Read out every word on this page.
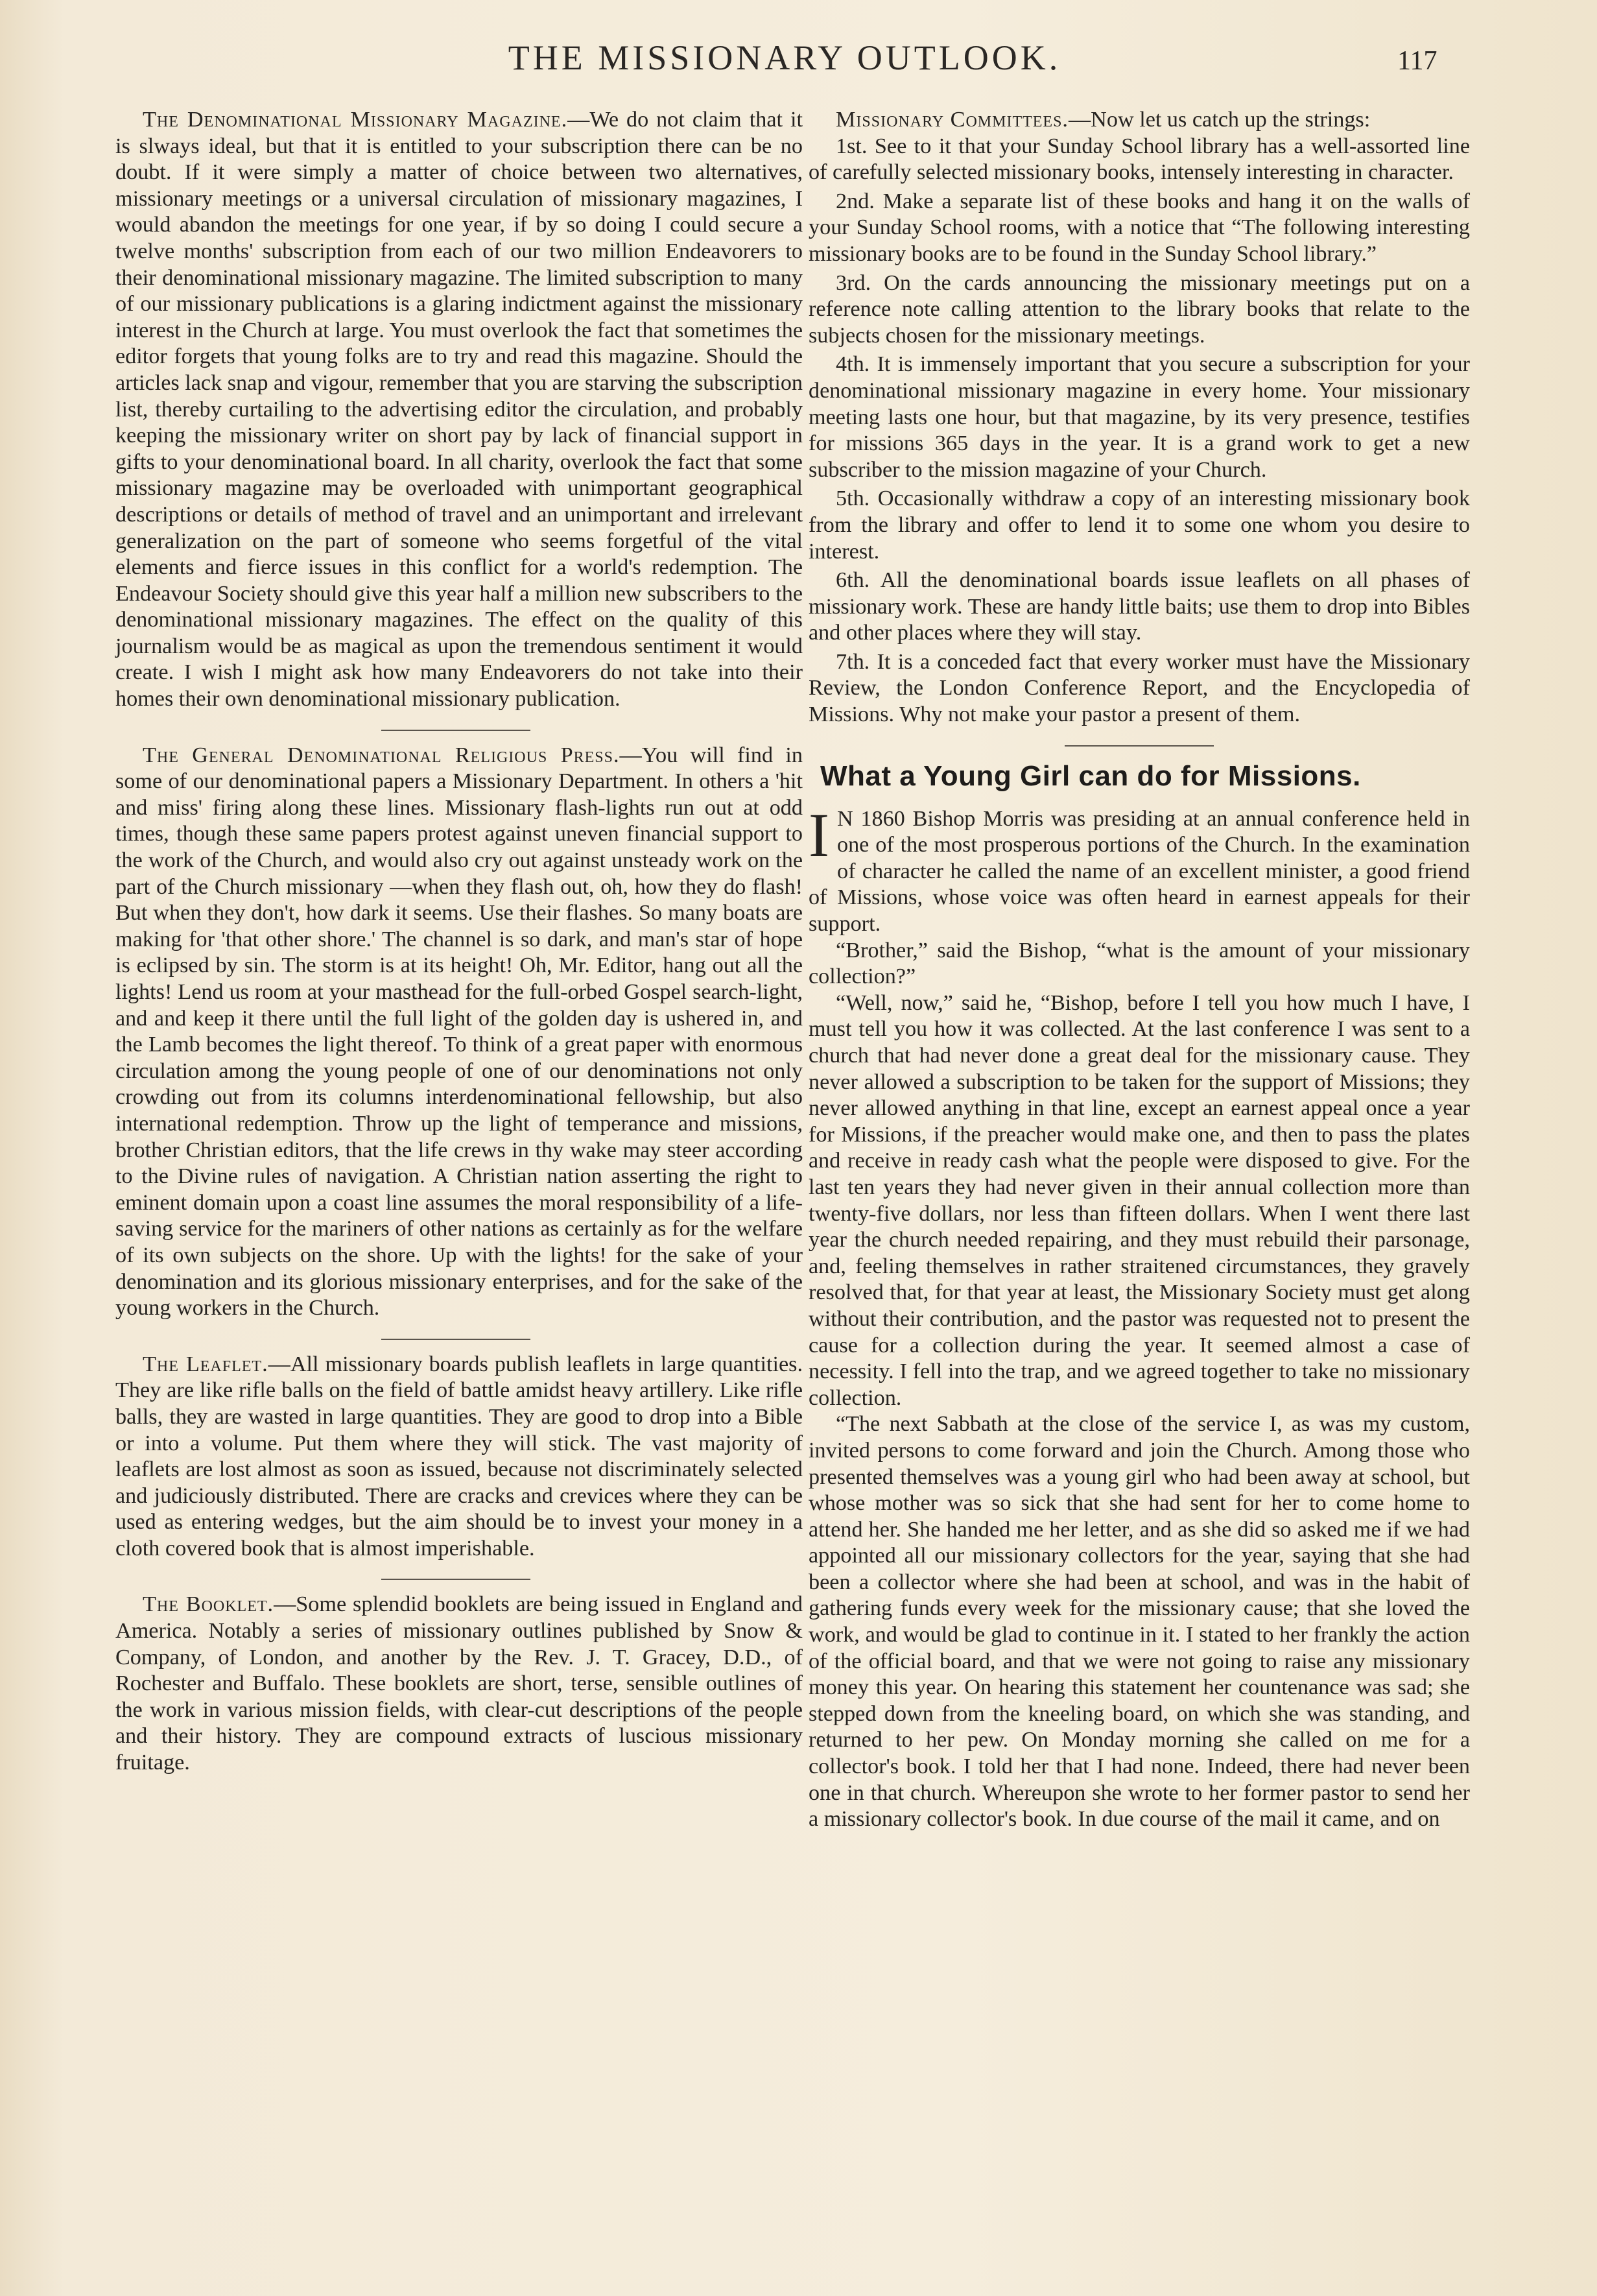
THE MISSIONARY OUTLOOK.	117

The Denominational Missionary Magazine.—We do not claim that it is slways ideal, but that it is entitled to your subscription there can be no doubt. If it were simply a matter of choice between two alternatives, missionary meetings or a universal circulation of missionary magazines, I would abandon the meetings for one year, if by so doing I could secure a twelve months' subscription from each of our two million Endeavorers to their denominational missionary magazine. The limited subscription to many of our missionary publications is a glaring indictment against the missionary interest in the Church at large. You must overlook the fact that sometimes the editor forgets that young folks are to try and read this magazine. Should the articles lack snap and vigour, remember that you are starving the subscription list, thereby curtailing to the advertising editor the circulation, and probably keeping the missionary writer on short pay by lack of financial support in gifts to your denominational board. In all charity, overlook the fact that some missionary magazine may be overloaded with unimportant geographical descriptions or details of method of travel and an unimportant and irrelevant generalization on the part of someone who seems forgetful of the vital elements and fierce issues in this conflict for a world's redemption. The Endeavour Society should give this year half a million new subscribers to the denominational missionary magazines. The effect on the quality of this journalism would be as magical as upon the tremendous sentiment it would create. I wish I might ask how many Endeavorers do not take into their homes their own denominational missionary publication.

The General Denominational Religious Press.—You will find in some of our denominational papers a Missionary Department. In others a 'hit and miss' firing along these lines. Missionary flash-lights run out at odd times, though these same papers protest against uneven financial support to the work of the Church, and would also cry out against unsteady work on the part of the Church missionary —when they flash out, oh, how they do flash! But when they don't, how dark it seems. Use their flashes. So many boats are making for 'that other shore.' The channel is so dark, and man's star of hope is eclipsed by sin. The storm is at its height! Oh, Mr. Editor, hang out all the lights! Lend us room at your masthead for the full-orbed Gospel search-light, and and keep it there until the full light of the golden day is ushered in, and the Lamb becomes the light thereof. To think of a great paper with enormous circulation among the young people of one of our denominations not only crowding out from its columns interdenominational fellowship, but also international redemption. Throw up the light of temperance and missions, brother Christian editors, that the life crews in thy wake may steer according to the Divine rules of navigation. A Christian nation asserting the right to eminent domain upon a coast line assumes the moral responsibility of a life-saving service for the mariners of other nations as certainly as for the welfare of its own subjects on the shore. Up with the lights! for the sake of your denomination and its glorious missionary enterprises, and for the sake of the young workers in the Church.

The Leaflet.—All missionary boards publish leaflets in large quantities. They are like rifle balls on the field of battle amidst heavy artillery. Like rifle balls, they are wasted in large quantities. They are good to drop into a Bible or into a volume. Put them where they will stick. The vast majority of leaflets are lost almost as soon as issued, because not discriminately selected and judiciously distributed. There are cracks and crevices where they can be used as entering wedges, but the aim should be to invest your money in a cloth covered book that is almost imperishable.

The Booklet.—Some splendid booklets are being issued in England and America. Notably a series of missionary outlines published by Snow & Company, of London, and another by the Rev. J. T. Gracey, D.D., of Rochester and Buffalo. These booklets are short, terse, sensible outlines of the work in various mission fields, with clear-cut descriptions of the people and their history. They are compound extracts of luscious missionary fruitage.

Missionary Committees.—Now let us catch up the strings:

1st. See to it that your Sunday School library has a well-assorted line of carefully selected missionary books, intensely interesting in character.

2nd. Make a separate list of these books and hang it on the walls of your Sunday School rooms, with a notice that “The following interesting missionary books are to be found in the Sunday School library.”

3rd. On the cards announcing the missionary meetings put on a reference note calling attention to the library books that relate to the subjects chosen for the missionary meetings.

4th. It is immensely important that you secure a subscription for your denominational missionary magazine in every home. Your missionary meeting lasts one hour, but that magazine, by its very presence, testifies for missions 365 days in the year. It is a grand work to get a new subscriber to the mission magazine of your Church.

5th. Occasionally withdraw a copy of an interesting missionary book from the library and offer to lend it to some one whom you desire to interest.

6th. All the denominational boards issue leaflets on all phases of missionary work. These are handy little baits; use them to drop into Bibles and other places where they will stay.

7th. It is a conceded fact that every worker must have the Missionary Review, the London Conference Report, and the Encyclopedia of Missions. Why not make your pastor a present of them.

What a Young Girl can do for Missions.

I N 1860 Bishop Morris was presiding at an annual conference held in one of the most prosperous portions of the Church. In the examination of character he called the name of an excellent minister, a good friend of Missions, whose voice was often heard in earnest appeals for their support.

“Brother,” said the Bishop, “what is the amount of your missionary collection?”

“Well, now,” said he, “Bishop, before I tell you how much I have, I must tell you how it was collected. At the last conference I was sent to a church that had never done a great deal for the missionary cause. They never allowed a subscription to be taken for the support of Missions; they never allowed anything in that line, except an earnest appeal once a year for Missions, if the preacher would make one, and then to pass the plates and receive in ready cash what the people were disposed to give. For the last ten years they had never given in their annual collection more than twenty-five dollars, nor less than fifteen dollars. When I went there last year the church needed repairing, and they must rebuild their parsonage, and, feeling themselves in rather straitened circumstances, they gravely resolved that, for that year at least, the Missionary Society must get along without their contribution, and the pastor was requested not to present the cause for a collection during the year. It seemed almost a case of necessity. I fell into the trap, and we agreed together to take no missionary collection.

“The next Sabbath at the close of the service I, as was my custom, invited persons to come forward and join the Church. Among those who presented themselves was a young girl who had been away at school, but whose mother was so sick that she had sent for her to come home to attend her. She handed me her letter, and as she did so asked me if we had appointed all our missionary collectors for the year, saying that she had been a collector where she had been at school, and was in the habit of gathering funds every week for the missionary cause; that she loved the work, and would be glad to continue in it. I stated to her frankly the action of the official board, and that we were not going to raise any missionary money this year. On hearing this statement her countenance was sad; she stepped down from the kneeling board, on which she was standing, and returned to her pew. On Monday morning she called on me for a collector's book. I told her that I had none. Indeed, there had never been one in that church. Whereupon she wrote to her former pastor to send her a missionary collector's book. In due course of the mail it came, and on
